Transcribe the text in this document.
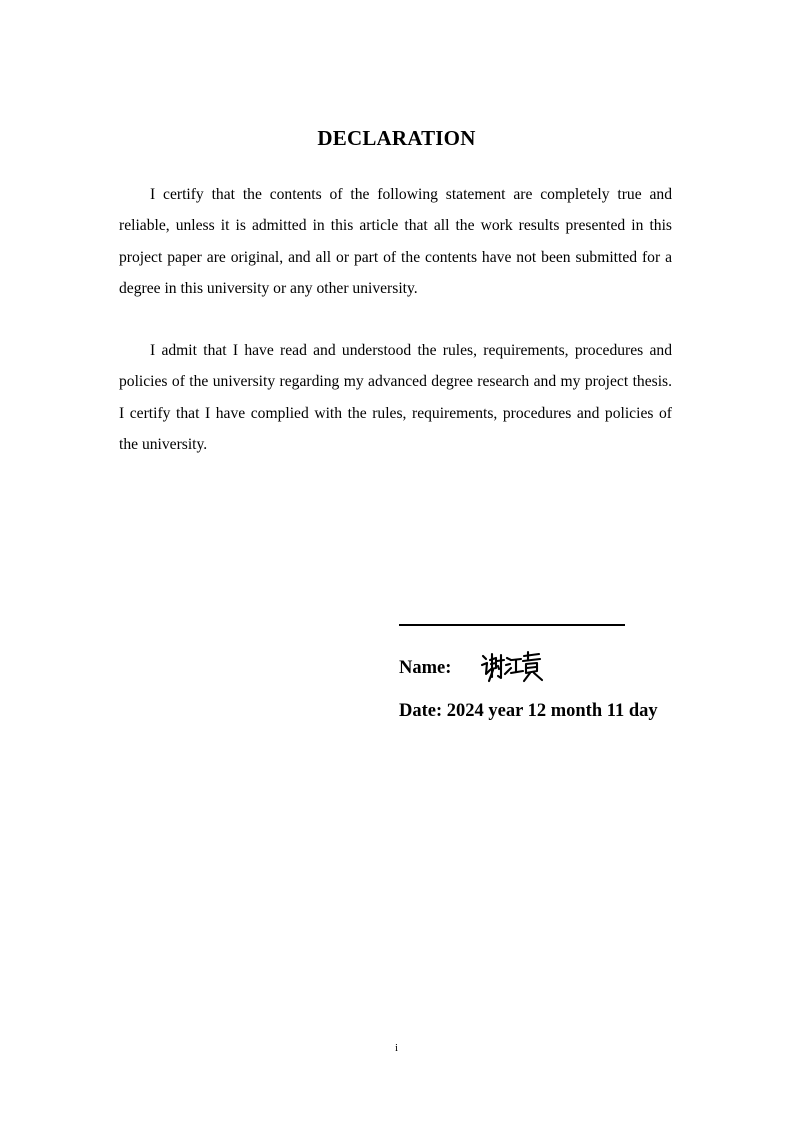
DECLARATION

I certify that the contents of the following statement are completely true and reliable, unless it is admitted in this article that all the work results presented in this project paper are original, and all or part of the contents have not been submitted for a degree in this university or any other university.

I admit that I have read and understood the rules, requirements, procedures and policies of the university regarding my advanced degree research and my project thesis. I certify that I have complied with the rules, requirements, procedures and policies of the university.

Name:
Date: 2024 year 12 month 11 day
i
